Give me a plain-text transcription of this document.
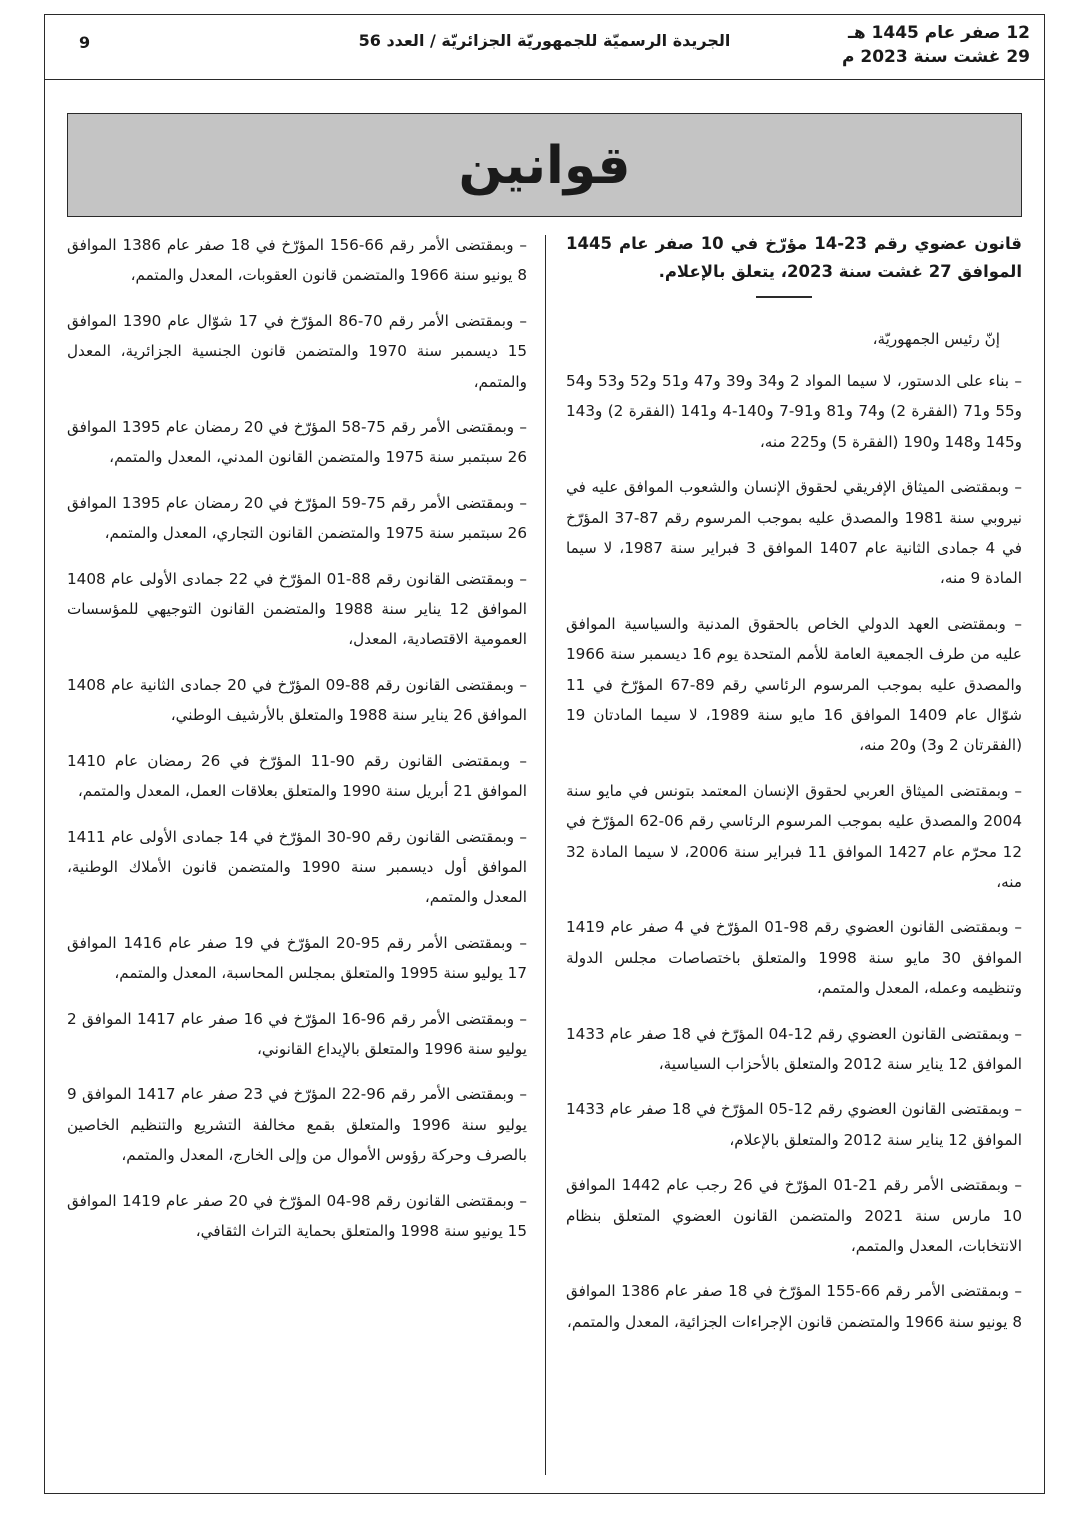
12 صفر عام 1445 هـ
29 غشت سنة 2023 م
الجريدة الرسميّة للجمهوريّة الجزائريّة / العدد 56
9
قوانين
قانون عضوي رقم 23-14 مؤرّخ في 10 صفر عام 1445 الموافق 27 غشت سنة 2023، يتعلق بالإعلام.
إنّ رئيس الجمهوريّة،
– بناء على الدستور، لا سيما المواد 2 و34 و39 و47 و51 و52 و53 و54 و55 و71 (الفقرة 2) و74 و81 و91-7 و140-4 و141 (الفقرة 2) و143 و145 و148 و190 (الفقرة 5) و225 منه،
– وبمقتضى الميثاق الإفريقي لحقوق الإنسان والشعوب الموافق عليه في نيروبي سنة 1981 والمصدق عليه بموجب المرسوم رقم 87-37 المؤرّخ في 4 جمادى الثانية عام 1407 الموافق 3 فبراير سنة 1987، لا سيما المادة 9 منه،
– وبمقتضى العهد الدولي الخاص بالحقوق المدنية والسياسية الموافق عليه من طرف الجمعية العامة للأمم المتحدة يوم 16 ديسمبر سنة 1966 والمصدق عليه بموجب المرسوم الرئاسي رقم 89-67 المؤرّخ في 11 شوّال عام 1409 الموافق 16 مايو سنة 1989، لا سيما المادتان 19 (الفقرتان 2 و3) و20 منه،
– وبمقتضى الميثاق العربي لحقوق الإنسان المعتمد بتونس في مايو سنة 2004 والمصدق عليه بموجب المرسوم الرئاسي رقم 06-62 المؤرّخ في 12 محرّم عام 1427 الموافق 11 فبراير سنة 2006، لا سيما المادة 32 منه،
– وبمقتضى القانون العضوي رقم 98-01 المؤرّخ في 4 صفر عام 1419 الموافق 30 مايو سنة 1998 والمتعلق باختصاصات مجلس الدولة وتنظيمه وعمله، المعدل والمتمم،
– وبمقتضى القانون العضوي رقم 12-04 المؤرّخ في 18 صفر عام 1433 الموافق 12 يناير سنة 2012 والمتعلق بالأحزاب السياسية،
– وبمقتضى القانون العضوي رقم 12-05 المؤرّخ في 18 صفر عام 1433 الموافق 12 يناير سنة 2012 والمتعلق بالإعلام،
– وبمقتضى الأمر رقم 21-01 المؤرّخ في 26 رجب عام 1442 الموافق 10 مارس سنة 2021 والمتضمن القانون العضوي المتعلق بنظام الانتخابات، المعدل والمتمم،
– وبمقتضى الأمر رقم 66-155 المؤرّخ في 18 صفر عام 1386 الموافق 8 يونيو سنة 1966 والمتضمن قانون الإجراءات الجزائية، المعدل والمتمم،
– وبمقتضى الأمر رقم 66-156 المؤرّخ في 18 صفر عام 1386 الموافق 8 يونيو سنة 1966 والمتضمن قانون العقوبات، المعدل والمتمم،
– وبمقتضى الأمر رقم 70-86 المؤرّخ في 17 شوّال عام 1390 الموافق 15 ديسمبر سنة 1970 والمتضمن قانون الجنسية الجزائرية، المعدل والمتمم،
– وبمقتضى الأمر رقم 75-58 المؤرّخ في 20 رمضان عام 1395 الموافق 26 سبتمبر سنة 1975 والمتضمن القانون المدني، المعدل والمتمم،
– وبمقتضى الأمر رقم 75-59 المؤرّخ في 20 رمضان عام 1395 الموافق 26 سبتمبر سنة 1975 والمتضمن القانون التجاري، المعدل والمتمم،
– وبمقتضى القانون رقم 88-01 المؤرّخ في 22 جمادى الأولى عام 1408 الموافق 12 يناير سنة 1988 والمتضمن القانون التوجيهي للمؤسسات العمومية الاقتصادية، المعدل،
– وبمقتضى القانون رقم 88-09 المؤرّخ في 20 جمادى الثانية عام 1408 الموافق 26 يناير سنة 1988 والمتعلق بالأرشيف الوطني،
– وبمقتضى القانون رقم 90-11 المؤرّخ في 26 رمضان عام 1410 الموافق 21 أبريل سنة 1990 والمتعلق بعلاقات العمل، المعدل والمتمم،
– وبمقتضى القانون رقم 90-30 المؤرّخ في 14 جمادى الأولى عام 1411 الموافق أول ديسمبر سنة 1990 والمتضمن قانون الأملاك الوطنية، المعدل والمتمم،
– وبمقتضى الأمر رقم 95-20 المؤرّخ في 19 صفر عام 1416 الموافق 17 يوليو سنة 1995 والمتعلق بمجلس المحاسبة، المعدل والمتمم،
– وبمقتضى الأمر رقم 96-16 المؤرّخ في 16 صفر عام 1417 الموافق 2 يوليو سنة 1996 والمتعلق بالإيداع القانوني،
– وبمقتضى الأمر رقم 96-22 المؤرّخ في 23 صفر عام 1417 الموافق 9 يوليو سنة 1996 والمتعلق بقمع مخالفة التشريع والتنظيم الخاصين بالصرف وحركة رؤوس الأموال من وإلى الخارج، المعدل والمتمم،
– وبمقتضى القانون رقم 98-04 المؤرّخ في 20 صفر عام 1419 الموافق 15 يونيو سنة 1998 والمتعلق بحماية التراث الثقافي،
